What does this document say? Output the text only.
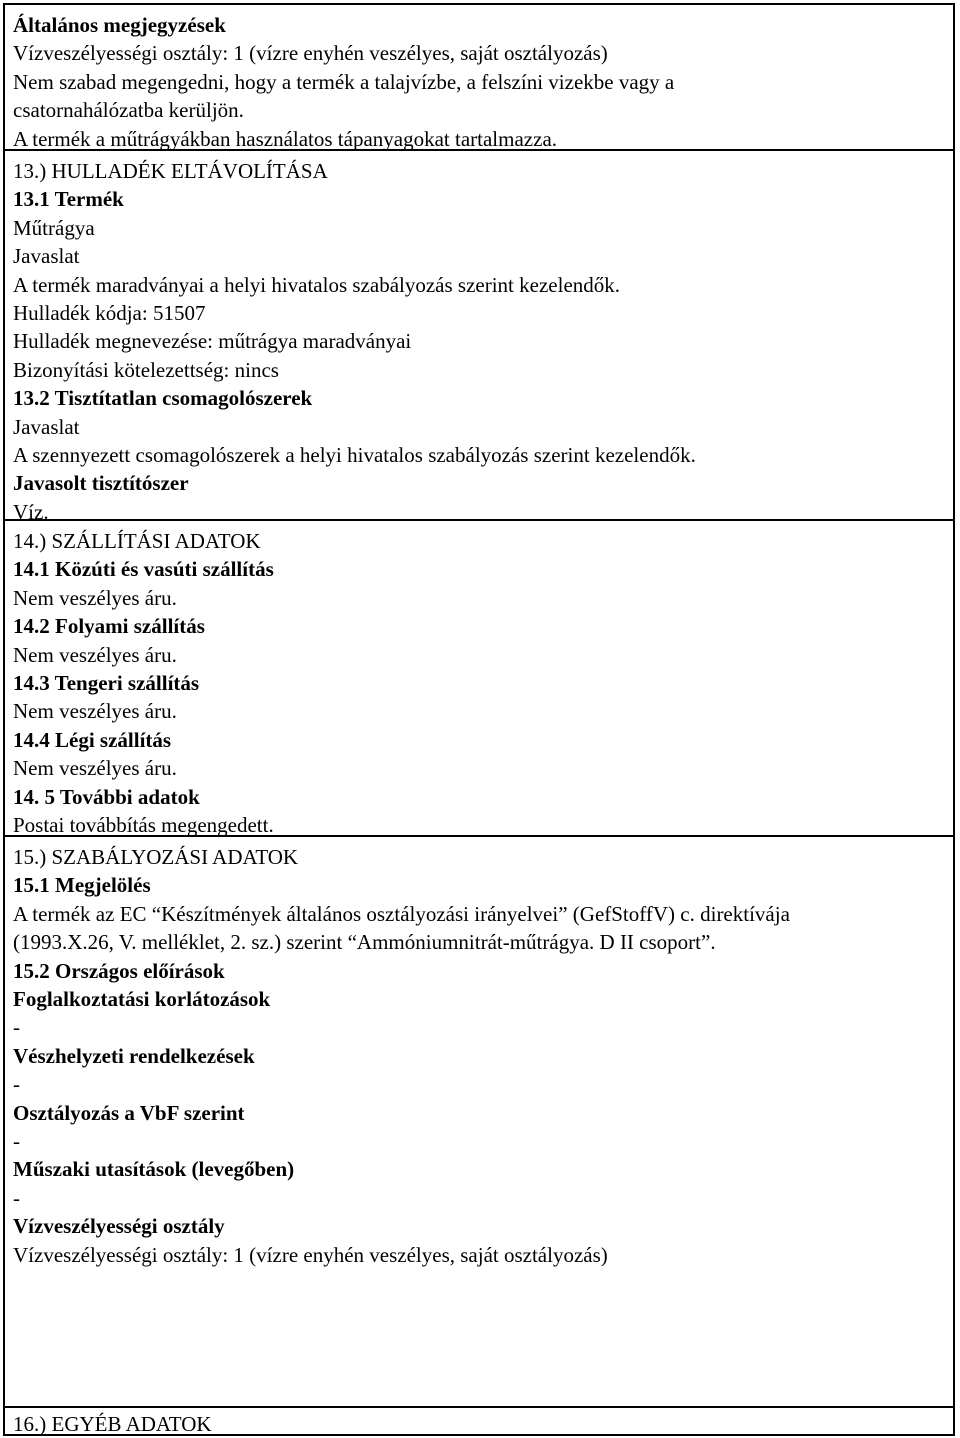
Általános megjegyzések

Vízveszélyességi osztály: 1 (vízre enyhén veszélyes, saját osztályozás)

Nem szabad megengedni, hogy a termék a talajvízbe, a felszíni vizekbe vagy a

csatornahálózatba kerüljön.

A termék a műtrágyákban használatos tápanyagokat tartalmazza.

13.) HULLADÉK ELTÁVOLÍTÁSA

13.1 Termék

Műtrágya

Javaslat

A termék maradványai a helyi hivatalos szabályozás szerint kezelendők.

Hulladék kódja: 51507

Hulladék megnevezése: műtrágya maradványai

Bizonyítási kötelezettség: nincs

13.2 Tisztítatlan csomagolószerek

Javaslat

A szennyezett csomagolószerek a helyi hivatalos szabályozás szerint kezelendők.

Javasolt tisztítószer

Víz.

14.) SZÁLLÍTÁSI ADATOK

14.1 Közúti és vasúti szállítás

Nem veszélyes áru.

14.2 Folyami szállítás

Nem veszélyes áru.

14.3 Tengeri szállítás

Nem veszélyes áru.

14.4 Légi szállítás

Nem veszélyes áru.

14. 5 További adatok

Postai továbbítás megengedett.

15.) SZABÁLYOZÁSI ADATOK

15.1 Megjelölés

A termék az EC “Készítmények általános osztályozási irányelvei” (GefStoffV) c. direktívája

(1993.X.26, V. melléklet, 2. sz.) szerint “Ammóniumnitrát-műtrágya. D II csoport”.

15.2 Országos előírások

Foglalkoztatási korlátozások

-

Vészhelyzeti rendelkezések

-

Osztályozás a VbF szerint

-

Műszaki utasítások (levegőben)

-

Vízveszélyességi osztály

Vízveszélyességi osztály: 1 (vízre enyhén veszélyes, saját osztályozás)

16.) EGYÉB ADATOK
